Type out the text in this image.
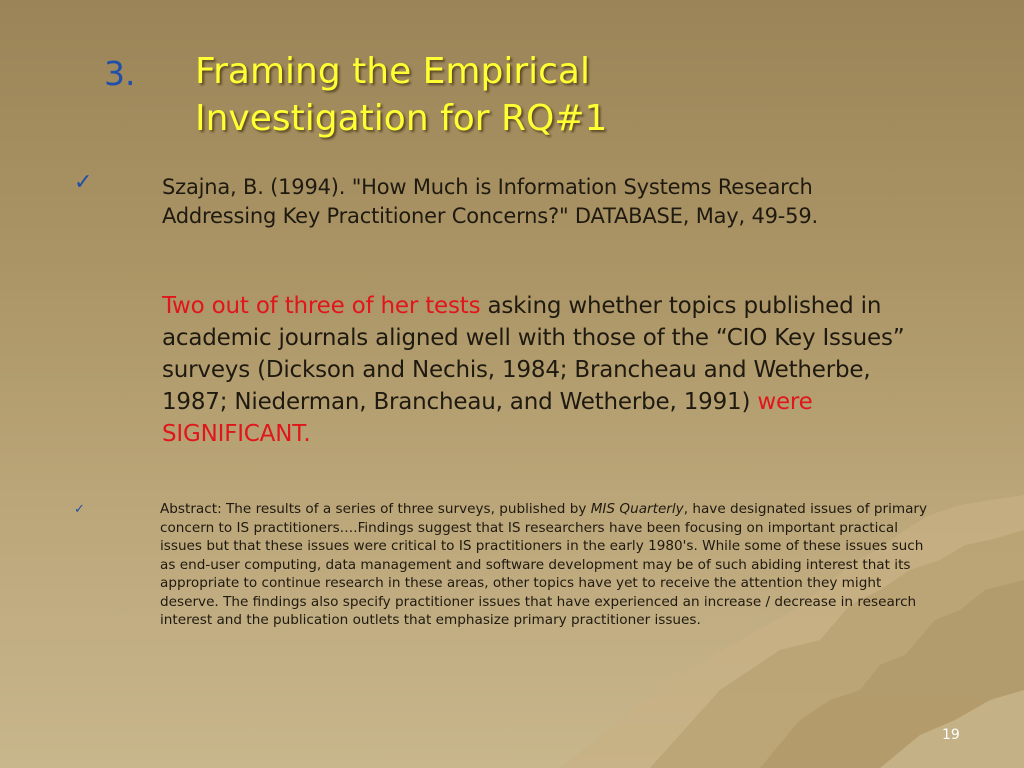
3. Framing the Empirical
Investigation for RQ#1
✓	Szajna, B. (1994). "How Much is Information Systems Research Addressing Key Practitioner Concerns?" DATABASE, May, 49-59.
Two out of three of her tests asking whether topics published in academic journals aligned well with those of the “CIO Key Issues” surveys (Dickson and Nechis, 1984; Brancheau and Wetherbe, 1987; Niederman, Brancheau, and Wetherbe, 1991) were SIGNIFICANT.
✓	Abstract: The results of a series of three surveys, published by MIS Quarterly, have designated issues of primary concern to IS practitioners….Findings suggest that IS researchers have been focusing on important practical issues but that these issues were critical to IS practitioners in the early 1980's. While some of these issues such as end-user computing, data management and software development may be of such abiding interest that its appropriate to continue research in these areas, other topics have yet to receive the attention they might deserve. The findings also specify practitioner issues that have experienced an increase / decrease in research interest and the publication outlets that emphasize primary practitioner issues.
19
